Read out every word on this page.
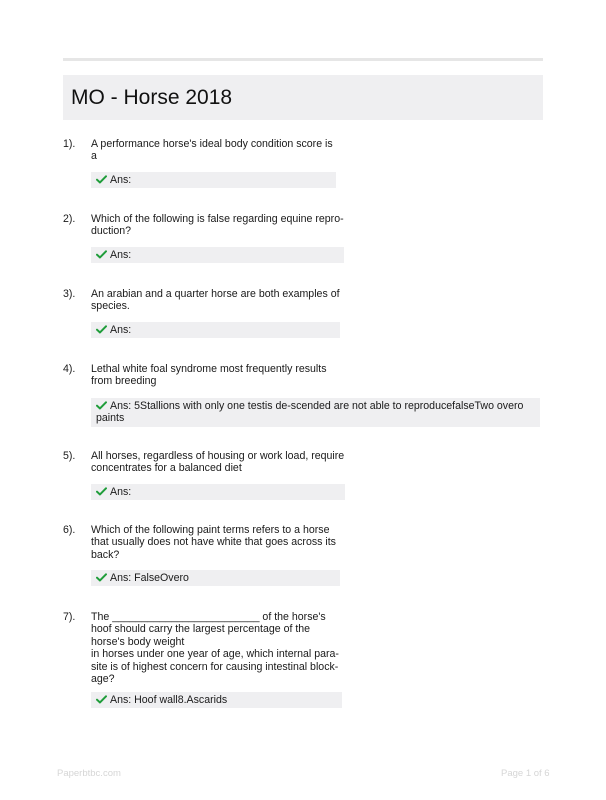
MO - Horse 2018
1).	A performance horse's ideal body condition score is
a
Ans:
2).	Which of the following is false regarding equine repro-
duction?
Ans:
3).	An arabian and a quarter horse are both examples of
species.
Ans:
4).	Lethal white foal syndrome most frequently results
from breeding
Ans: 5Stallions with only one testis de-scended are not able to reproducefalseTwo overo
paints
5).	All horses, regardless of housing or work load, require
concentrates for a balanced diet
Ans:
6).	Which of the following paint terms refers to a horse
that usually does not have white that goes across its
back?
Ans: FalseOvero
7).	The _________________________ of the horse's
hoof should carry the largest percentage of the
horse's body weight
in horses under one year of age, which internal para-
site is of highest concern for causing intestinal block-
age?
Ans: Hoof wall8.Ascarids
Paperbtbc.com	Page 1 of 6
